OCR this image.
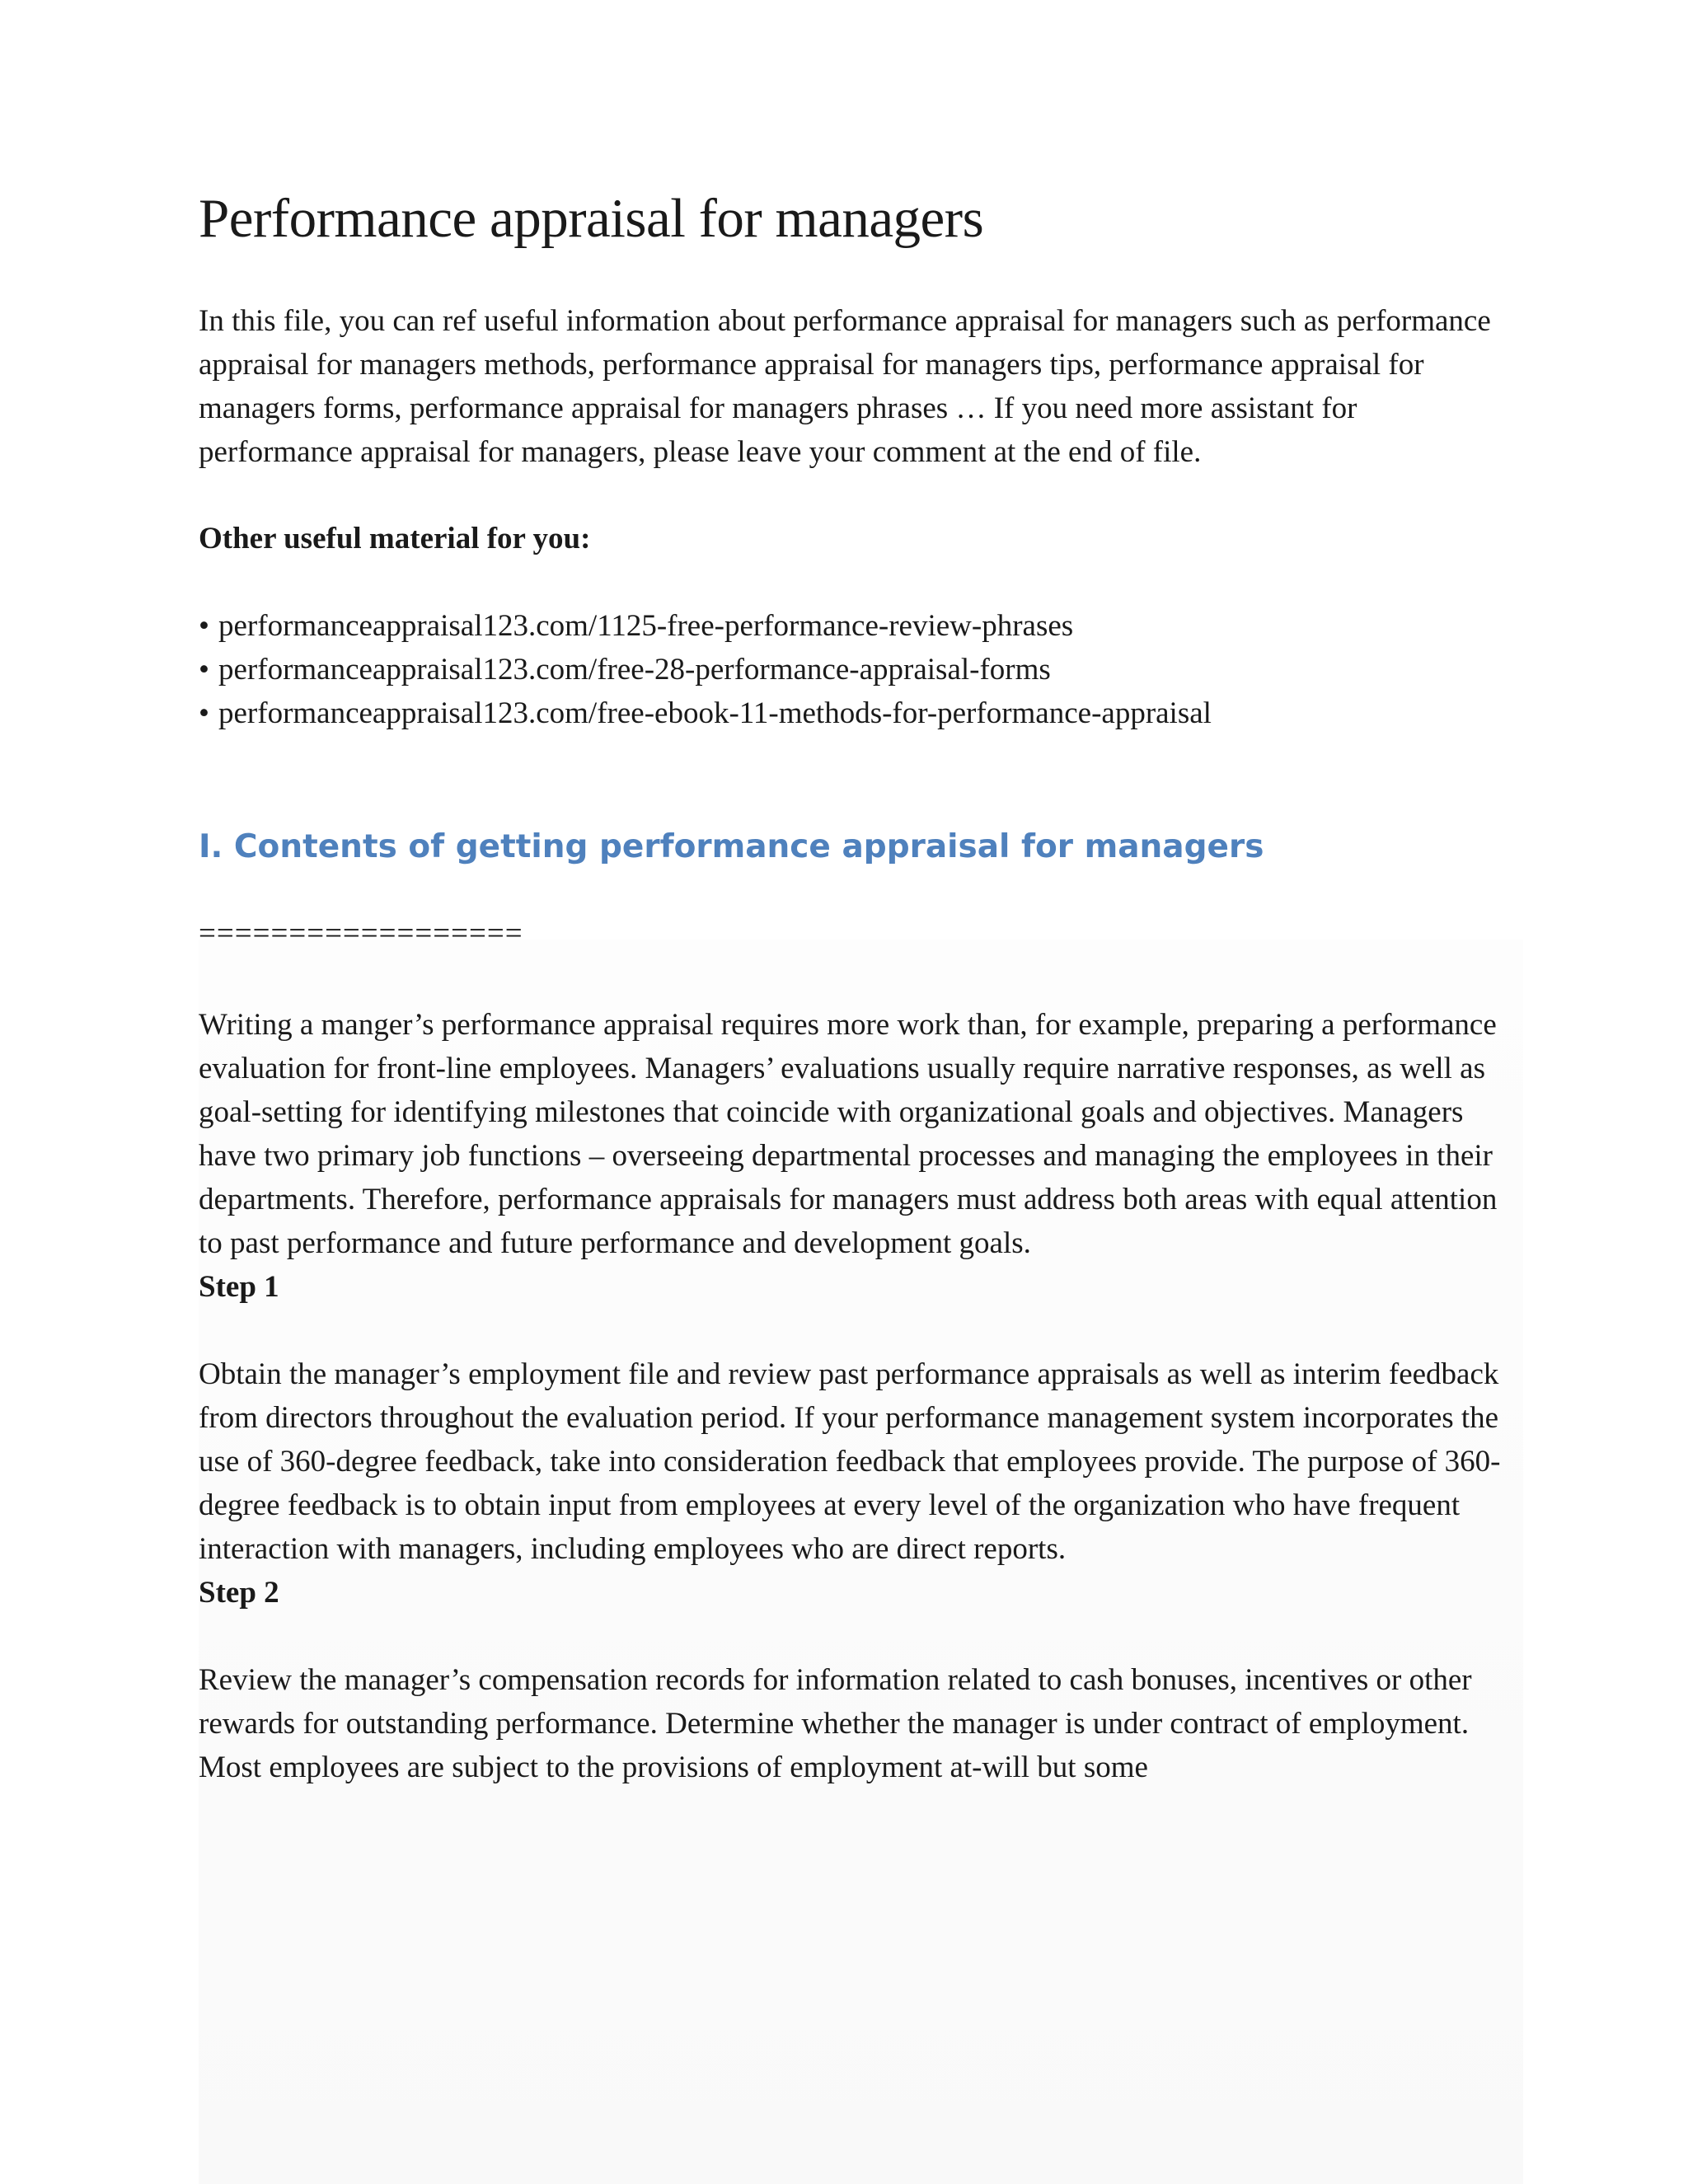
Performance appraisal for managers

In this file, you can ref useful information about performance appraisal for managers such as performance appraisal for managers methods, performance appraisal for managers tips, performance appraisal for managers forms, performance appraisal for managers phrases … If you need more assistant for performance appraisal for managers, please leave your comment at the end of file.

Other useful material for you:

• performanceappraisal123.com/1125-free-performance-review-phrases
• performanceappraisal123.com/free-28-performance-appraisal-forms
• performanceappraisal123.com/free-ebook-11-methods-for-performance-appraisal
I. Contents of getting performance appraisal for managers

==================

Writing a manger’s performance appraisal requires more work than, for example, preparing a performance evaluation for front-line employees. Managers’ evaluations usually require narrative responses, as well as goal-setting for identifying milestones that coincide with organizational goals and objectives. Managers have two primary job functions – overseeing departmental processes and managing the employees in their departments. Therefore, performance appraisals for managers must address both areas with equal attention to past performance and future performance and development goals.

Step 1

Obtain the manager’s employment file and review past performance appraisals as well as interim feedback from directors throughout the evaluation period. If your performance management system incorporates the use of 360-degree feedback, take into consideration feedback that employees provide. The purpose of 360-degree feedback is to obtain input from employees at every level of the organization who have frequent interaction with managers, including employees who are direct reports.

Step 2

Review the manager’s compensation records for information related to cash bonuses, incentives or other rewards for outstanding performance. Determine whether the manager is under contract of employment. Most employees are subject to the provisions of employment at-will but some
